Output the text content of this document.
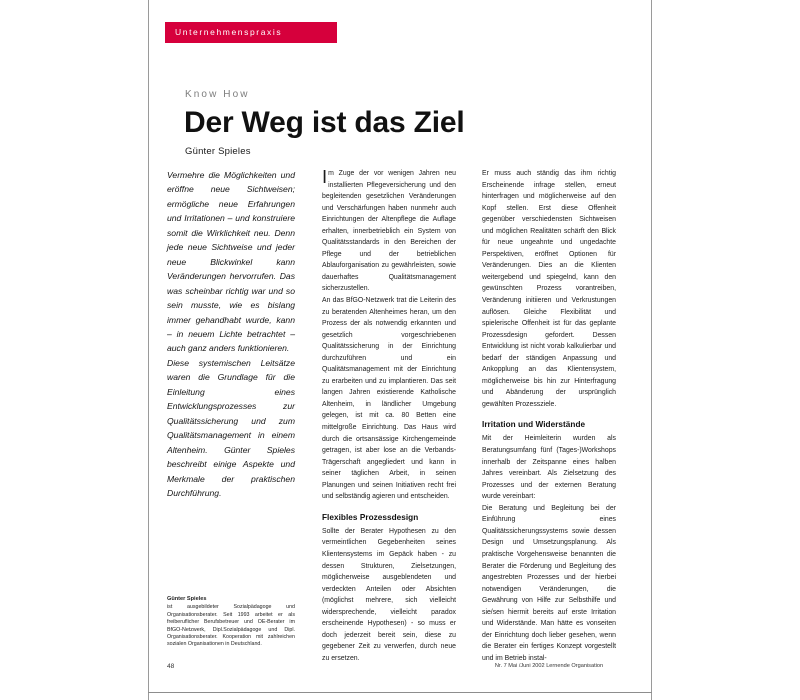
Unternehmenspraxis
Know How
Der Weg ist das Ziel
Günter Spieles

Vermehre die Möglichkeiten und eröffne neue Sichtweisen; ermögliche neue Erfahrungen und Irritationen – und konstruiere somit die Wirklichkeit neu. Denn jede neue Sichtweise und jeder neue Blickwinkel kann Veränderungen hervorrufen. Das was scheinbar richtig war und so sein musste, wie es bislang immer gehandhabt wurde, kann – in neuem Lichte betrachtet – auch ganz anders funktionieren.

Diese systemischen Leitsätze waren die Grundlage für die Einleitung eines Entwicklungsprozesses zur Qualitätssicherung und zum Qualitätsmanagement in einem Altenheim. Günter Spieles beschreibt einige Aspekte und Merkmale der praktischen Durchführung.

Im Zuge der vor wenigen Jahren neu installierten Pflegeversicherung und den begleitenden gesetzlichen Veränderungen und Verschärfungen haben nunmehr auch Einrichtungen der Altenpflege die Auflage erhalten, innerbetrieblich ein System von Qualitätsstandards in den Bereichen der Pflege und der betrieblichen Ablauforganisation zu gewährleisten, sowie dauerhaftes Qualitätsmanagement sicherzustellen.

An das BfGO-Netzwerk trat die Leiterin des zu beratenden Altenheimes heran, um den Prozess der als notwendig erkannten und gesetzlich vorgeschriebenen Qualitätssicherung in der Einrichtung durchzuführen und ein Qualitätsmanagement mit der Einrichtung zu erarbeiten und zu implantieren. Das seit langen Jahren existierende Katholische Altenheim, in ländlicher Umgebung gelegen, ist mit ca. 80 Betten eine mittelgroße Einrichtung. Das Haus wird durch die ortsansässige Kirchengemeinde getragen, ist aber lose an die Verbands-Trägerschaft angegliedert und kann in seiner täglichen Arbeit, in seinen Planungen und seinen Initiativen recht frei und selbständig agieren und entscheiden.

Flexibles Prozessdesign

Sollte der Berater Hypothesen zu den vermeintlichen Gegebenheiten seines Klientensystems im Gepäck haben - zu dessen Strukturen, Zielsetzungen, möglicherweise ausgeblendeten und verdeckten Anteilen oder Absichten (möglichst mehrere, sich vielleicht widersprechende, vielleicht paradox erscheinende Hypothesen) - so muss er doch jederzeit bereit sein, diese zu gegebener Zeit zu verwerfen, durch neue zu ersetzen.

Er muss auch ständig das ihm richtig Erscheinende infrage stellen, erneut hinterfragen und möglicherweise auf den Kopf stellen. Erst diese Offenheit gegenüber verschiedensten Sichtweisen und möglichen Realitäten schärft den Blick für neue ungeahnte und ungedachte Perspektiven, eröffnet Optionen für Veränderungen. Dies an die Klienten weitergebend und spiegelnd, kann den gewünschten Prozess vorantreiben, Veränderung initiieren und Verkrustungen auflösen. Gleiche Flexibilität und spielerische Offenheit ist für das geplante Prozessdesign gefordert. Dessen Entwicklung ist nicht vorab kalkulierbar und bedarf der ständigen Anpassung und Ankopplung an das Klientensystem, möglicherweise bis hin zur Hinterfragung und Abänderung der ursprünglich gewählten Prozessziele.

Irritation und Widerstände

Mit der Heimleiterin wurden als Beratungsumfang fünf (Tages-)Workshops innerhalb der Zeitspanne eines halben Jahres vereinbart. Als Zielsetzung des Prozesses und der externen Beratung wurde vereinbart:

Die Beratung und Begleitung bei der Einführung eines Qualitätssicherungssystems sowie dessen Design und Umsetzungsplanung. Als praktische Vorgehensweise benannten die Berater die Förderung und Begleitung des angestrebten Prozesses und der hierbei notwendigen Veränderungen, die Gewährung von Hilfe zur Selbsthilfe und sie/sen hiermit bereits auf erste Irritation und Widerstände. Man hätte es vonseiten der Einrichtung doch lieber gesehen, wenn die Berater ein fertiges Konzept vorgestellt und im Betrieb instal-

Günter Spieles
ist ausgebildeter Sozialpädagoge und Organisationsberater. Seit 1993 arbeitet er als freiberuflicher Berufsbetreuer und OE-Berater im BfGO-Netzwerk, Dipl.Sozialpädagoge und Dipl. Organisationsberater. Kooperation mit zahlreichen sozialen Organisationen in Deutschland.
48	Nr. 7 Mai /Juni 2002 Lernende Organisation
